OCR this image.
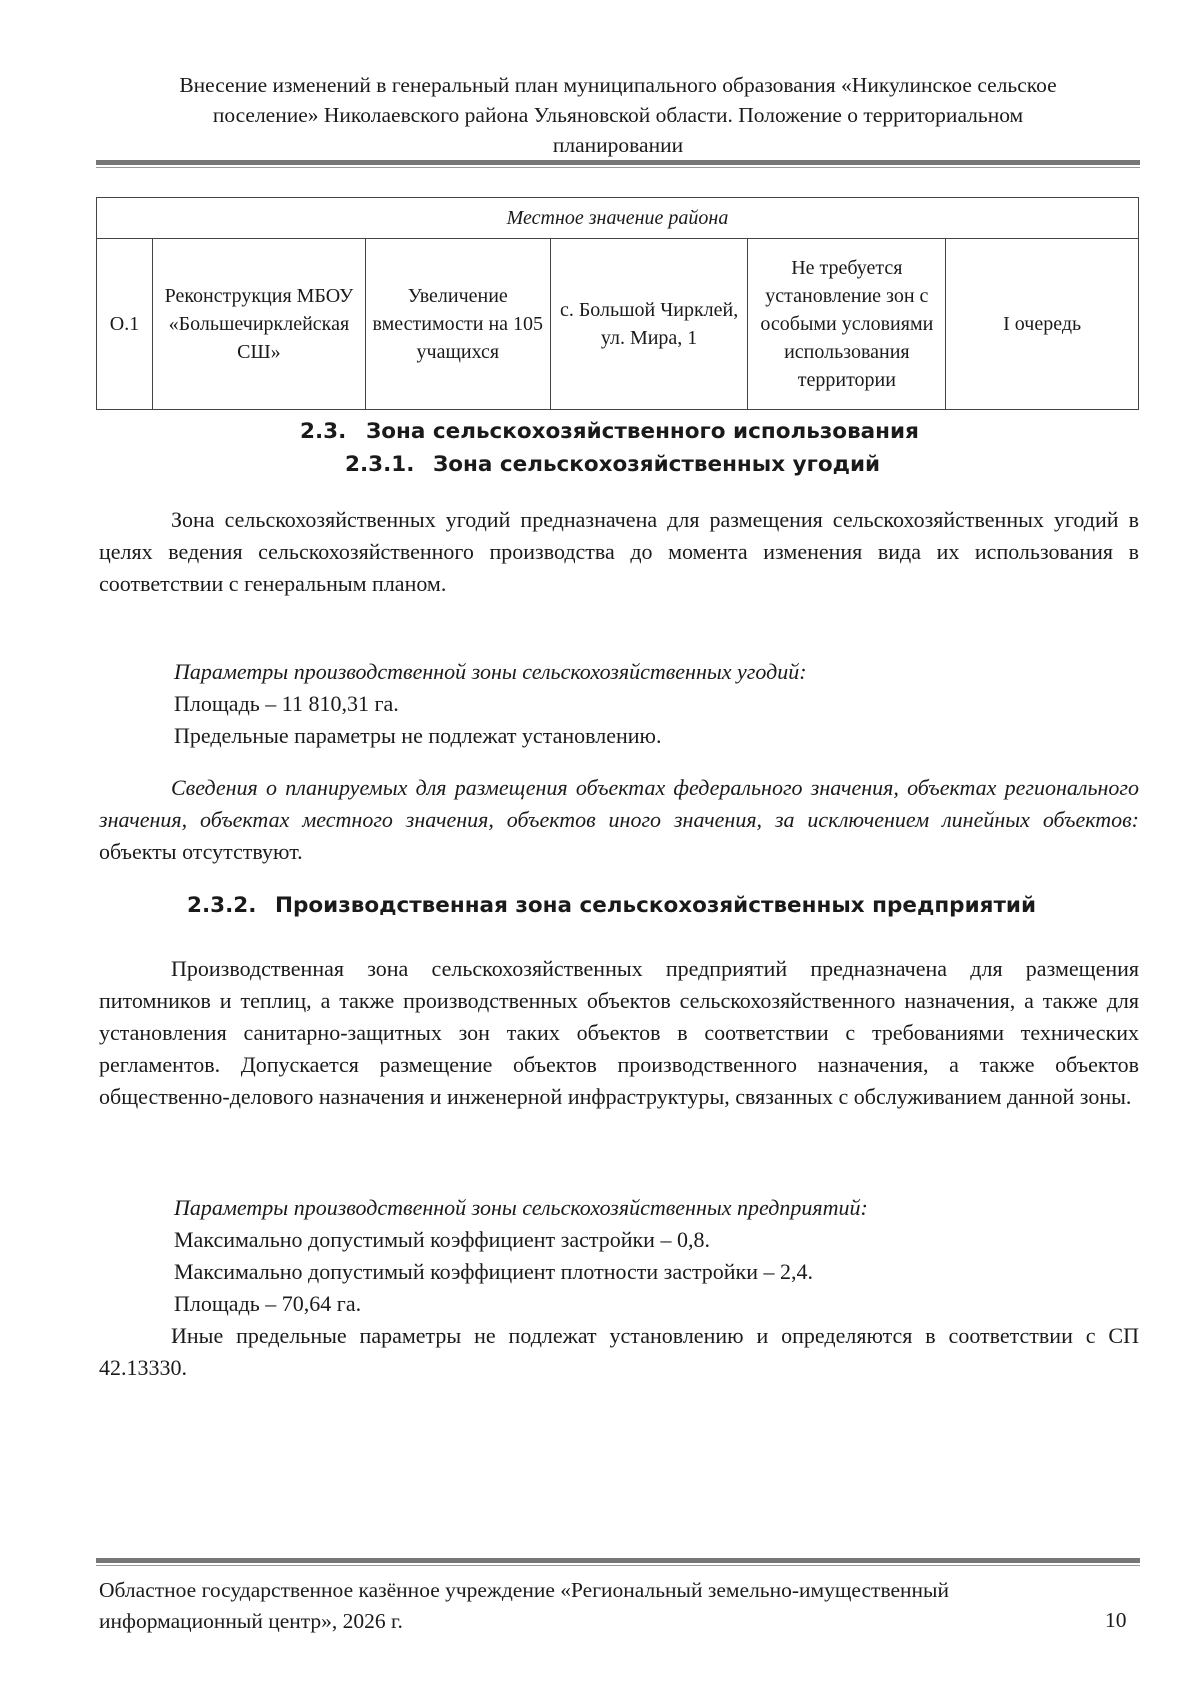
Внесение изменений в генеральный план муниципального образования «Никулинское сельское
поселение» Николаевского района Ульяновской области. Положение о территориальном
планировании
Местное значение района
О.1	Реконструкция МБОУ «Большечирклейская СШ»	Увеличение вместимости на 105 учащихся	с. Большой Чирклей, ул. Мира, 1	Не требуется установление зон с особыми условиями использования территории	I очередь
2.3. Зона сельскохозяйственного использования
2.3.1. Зона сельскохозяйственных угодий
Зона сельскохозяйственных угодий предназначена для размещения сельскохозяйственных угодий в целях ведения сельскохозяйственного производства до момента изменения вида их использования в соответствии с генеральным планом.
Параметры производственной зоны сельскохозяйственных угодий:
Площадь – 11 810,31 га.
Предельные параметры не подлежат установлению.
Сведения о планируемых для размещения объектах федерального значения, объектах регионального значения, объектах местного значения, объектов иного значения, за исключением линейных объектов: объекты отсутствуют.
2.3.2. Производственная зона сельскохозяйственных предприятий
Производственная зона сельскохозяйственных предприятий предназначена для размещения питомников и теплиц, а также производственных объектов сельскохозяйственного назначения, а также для установления санитарно-защитных зон таких объектов в соответствии с требованиями технических регламентов. Допускается размещение объектов производственного назначения, а также объектов общественно-делового назначения и инженерной инфраструктуры, связанных с обслуживанием данной зоны.
Параметры производственной зоны сельскохозяйственных предприятий:
Максимально допустимый коэффициент застройки – 0,8.
Максимально допустимый коэффициент плотности застройки – 2,4.
Площадь – 70,64 га.
Иные предельные параметры не подлежат установлению и определяются в соответствии с СП 42.13330.
Областное государственное казённое учреждение «Региональный земельно-имущественный
информационный центр», 2026 г.	10
